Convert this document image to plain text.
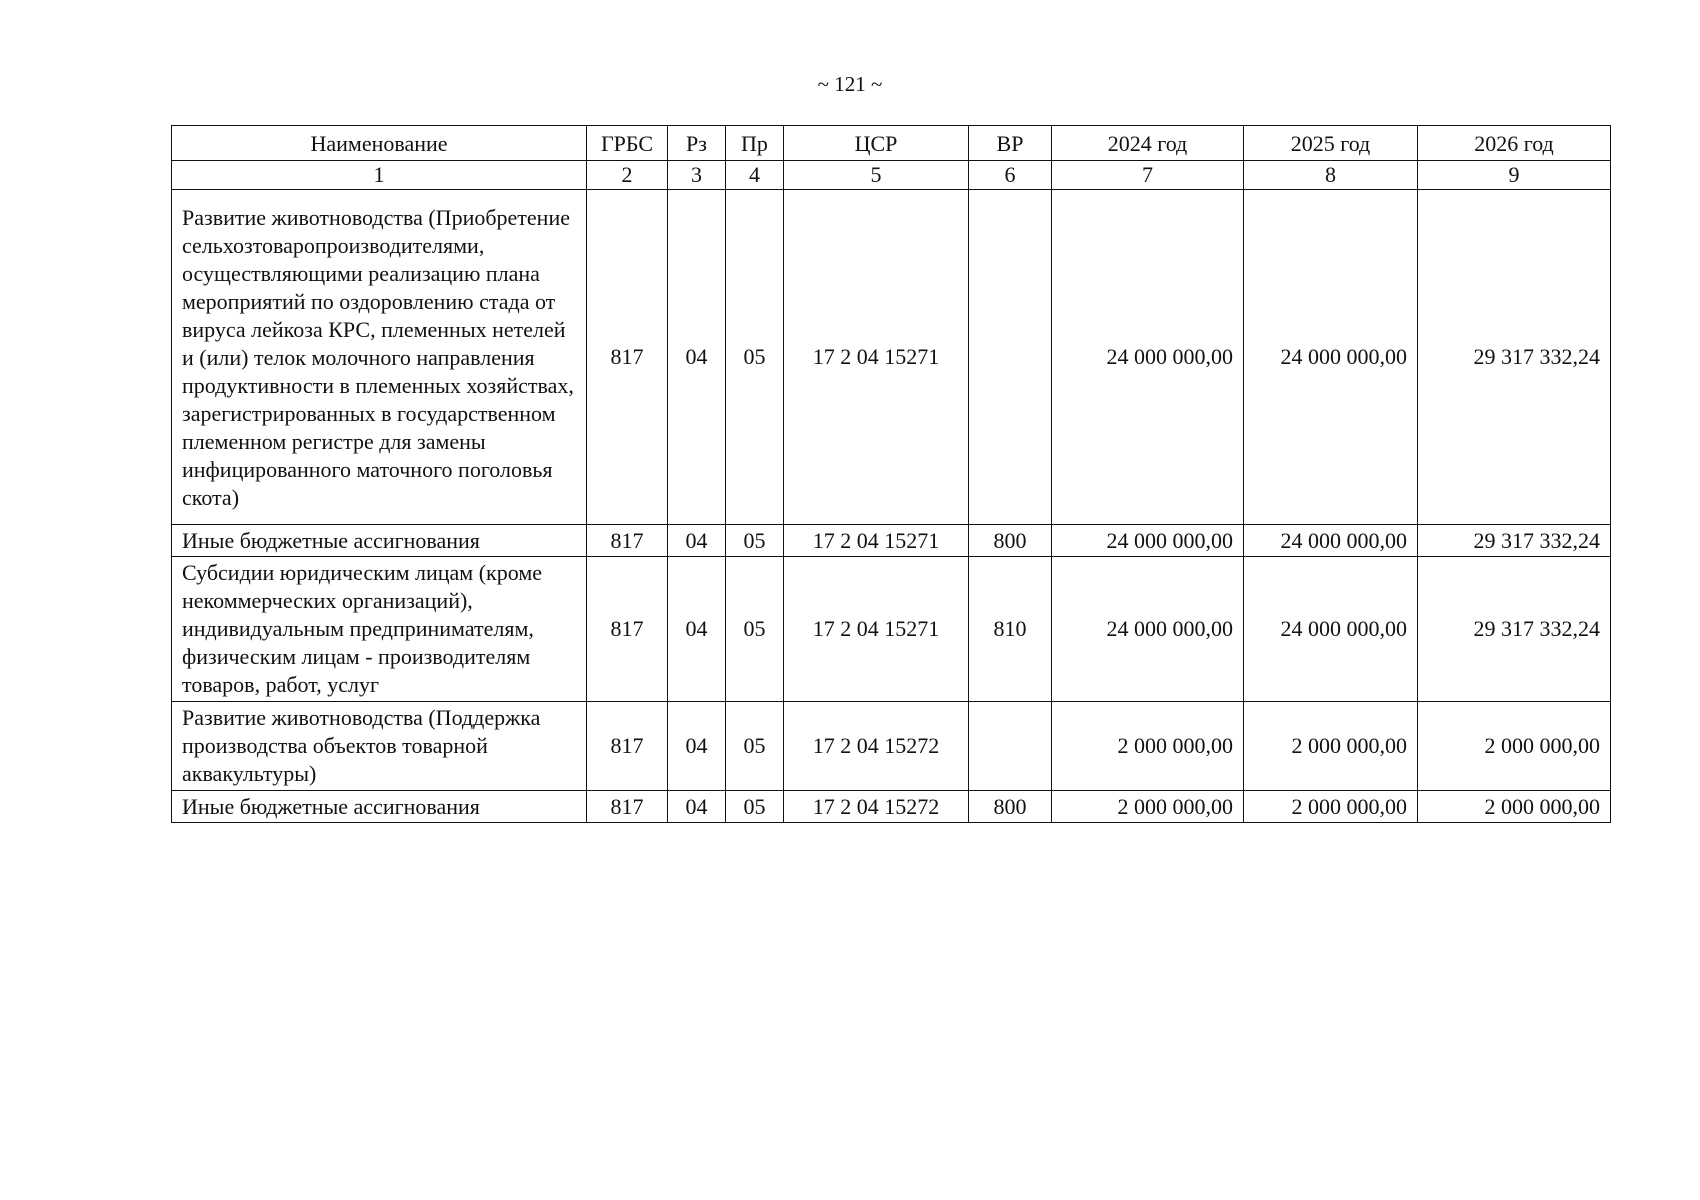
~ 121 ~
Наименование	ГРБС	Рз	Пр	ЦСР	ВР	2024 год	2025 год	2026 год
1	2	3	4	5	6	7	8	9
Развитие животноводства (Приобретение сельхозтоваропроизводителями, осуществляющими реализацию плана мероприятий по оздоровлению стада от вируса лейкоза КРС, племенных нетелей и (или) телок молочного направления продуктивности в племенных хозяйствах, зарегистрированных в государственном племенном регистре для замены инфицированного маточного поголовья скота)	817	04	05	17 2 04 15271		24 000 000,00	24 000 000,00	29 317 332,24
Иные бюджетные ассигнования	817	04	05	17 2 04 15271	800	24 000 000,00	24 000 000,00	29 317 332,24
Субсидии юридическим лицам (кроме некоммерческих организаций), индивидуальным предпринимателям, физическим лицам - производителям товаров, работ, услуг	817	04	05	17 2 04 15271	810	24 000 000,00	24 000 000,00	29 317 332,24
Развитие животноводства (Поддержка производства объектов товарной аквакультуры)	817	04	05	17 2 04 15272		2 000 000,00	2 000 000,00	2 000 000,00
Иные бюджетные ассигнования	817	04	05	17 2 04 15272	800	2 000 000,00	2 000 000,00	2 000 000,00
